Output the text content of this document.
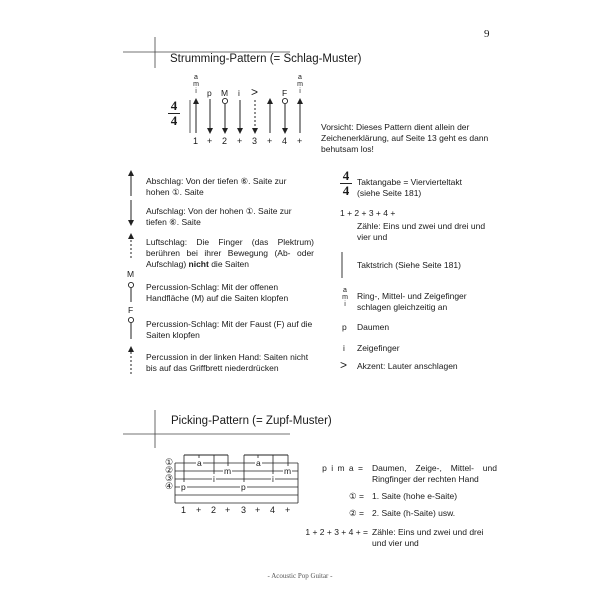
9
Strumming-Pattern (= Schlag-Muster)
4
4
a
m
i	p M i >	F
a
m
i
1 + 2 + 3 + 4 +
Vorsicht: Dieses Pattern dient allein der Zeichenerklärung, auf Seite 13 geht es dann behutsam los!
Abschlag: Von der tiefen ⑥. Saite zur hohen ①. Saite
Aufschlag: Von der hohen ①. Saite zur tiefen ⑥. Saite
Luftschlag: Die Finger (das Plektrum) berühren bei ihrer Bewegung (Ab- oder Aufschlag) nicht die Saiten
M
Percussion-Schlag: Mit der offenen Handfläche (M) auf die Saiten klopfen
F
Percussion-Schlag: Mit der Faust (F) auf die Saiten klopfen
Percussion in der linken Hand: Saiten nicht bis auf das Griffbrett niederdrücken
4
4
Taktangabe = Viervierteltakt (siehe Seite 181)
1 + 2 + 3 + 4 +
Zähle: Eins und zwei und drei und vier und
Taktstrich (Siehe Seite 181)
a
m
i
Ring-, Mittel- und Zeigefinger schlagen gleichzeitig an
p Daumen
i Zeigefinger
> Akzent: Lauter anschlagen
Picking-Pattern (= Zupf-Muster)
①
②
③
④
a
m
i
p
a
m
i
p
1 + 2 + 3 + 4 +
p i m a = Daumen, Zeige-, Mittel- und Ringfinger der rechten Hand
① = 1. Saite (hohe e-Saite)
② = 2. Saite (h-Saite) usw.
1 + 2 + 3 + 4 + = Zähle: Eins und zwei und drei und vier und
- Acoustic Pop Guitar -
